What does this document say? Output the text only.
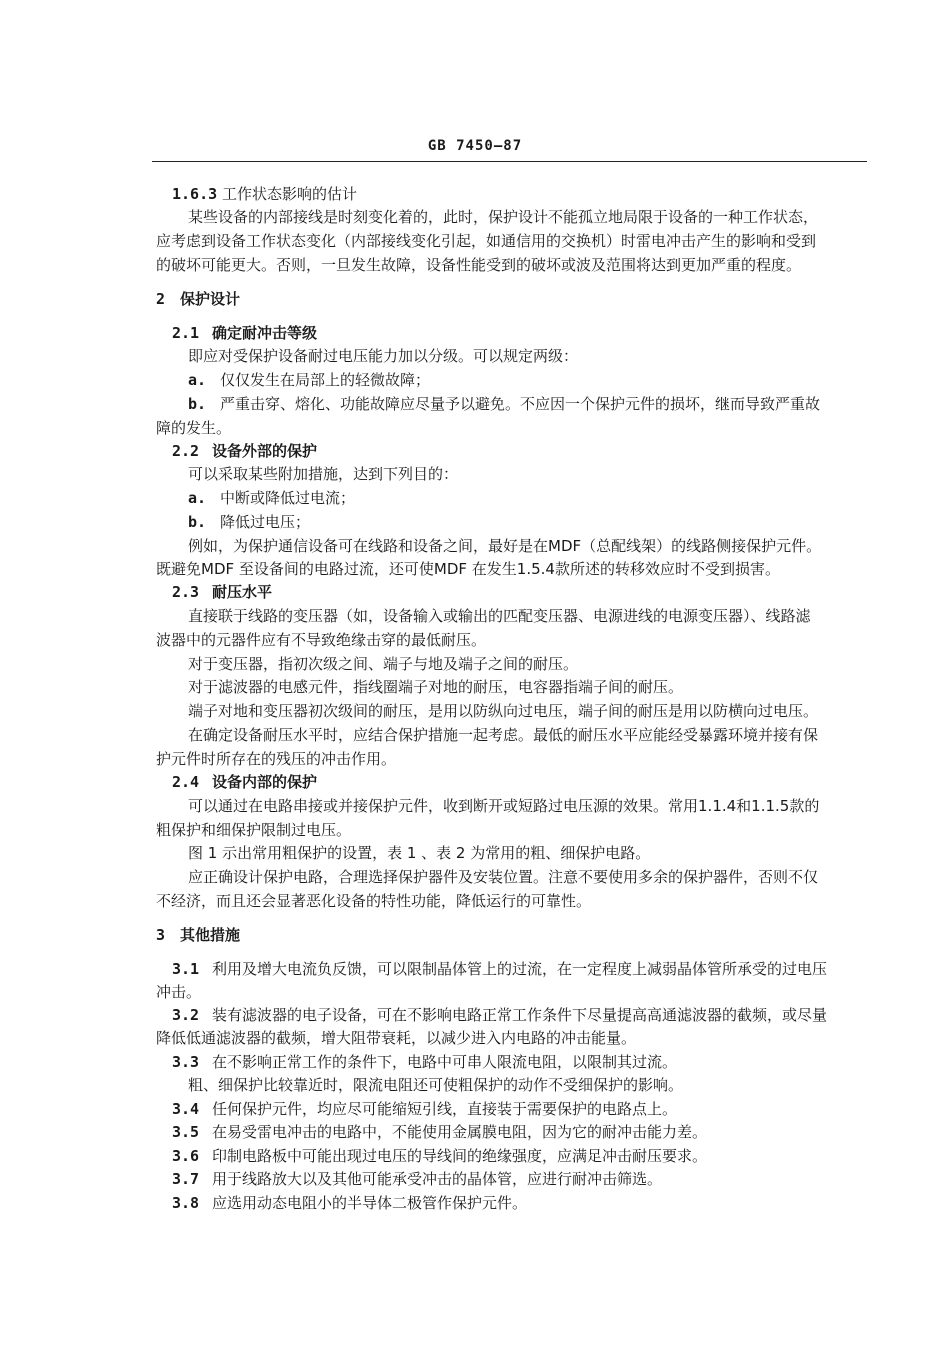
GB 7450—87
1.6.3 工作状态影响的估计
某些设备的内部接线是时刻变化着的，此时，保护设计不能孤立地局限于设备的一种工作状态，
应考虑到设备工作状态变化（内部接线变化引起，如通信用的交换机）时雷电冲击产生的影响和受到
的破坏可能更大。否则，一旦发生故障，设备性能受到的破坏或波及范围将达到更加严重的程度。
2 保护设计
2.1 确定耐冲击等级
即应对受保护设备耐过电压能力加以分级。可以规定两级：
a. 仅仅发生在局部上的轻微故障；
b. 严重击穿、熔化、功能故障应尽量予以避免。不应因一个保护元件的损坏，继而导致严重故
障的发生。
2.2 设备外部的保护
可以采取某些附加措施，达到下列目的：
a. 中断或降低过电流；
b. 降低过电压；
例如，为保护通信设备可在线路和设备之间，最好是在MDF（总配线架）的线路侧接保护元件。
既避免MDF 至设备间的电路过流，还可使MDF 在发生1.5.4款所述的转移效应时不受到损害。
2.3 耐压水平
直接联于线路的变压器（如，设备输入或输出的匹配变压器、电源进线的电源变压器）、线路滤
波器中的元器件应有不导致绝缘击穿的最低耐压。
对于变压器，指初次级之间、端子与地及端子之间的耐压。
对于滤波器的电感元件，指线圈端子对地的耐压，电容器指端子间的耐压。
端子对地和变压器初次级间的耐压，是用以防纵向过电压，端子间的耐压是用以防横向过电压。
在确定设备耐压水平时，应结合保护措施一起考虑。最低的耐压水平应能经受暴露环境并接有保
护元件时所存在的残压的冲击作用。
2.4 设备内部的保护
可以通过在电路串接或并接保护元件，收到断开或短路过电压源的效果。常用1.1.4和1.1.5款的
粗保护和细保护限制过电压。
图 1 示出常用粗保护的设置，表 1 、表 2 为常用的粗、细保护电路。
应正确设计保护电路，合理选择保护器件及安装位置。注意不要使用多余的保护器件，否则不仅
不经济，而且还会显著恶化设备的特性功能，降低运行的可靠性。
3 其他措施
3.1 利用及增大电流负反馈，可以限制晶体管上的过流，在一定程度上减弱晶体管所承受的过电压
冲击。
3.2 装有滤波器的电子设备，可在不影响电路正常工作条件下尽量提高高通滤波器的截频，或尽量
降低低通滤波器的截频，增大阻带衰耗，以减少进入内电路的冲击能量。
3.3 在不影响正常工作的条件下，电路中可串人限流电阻，以限制其过流。
粗、细保护比较靠近时，限流电阻还可使粗保护的动作不受细保护的影响。
3.4 任何保护元件，均应尽可能缩短引线，直接装于需要保护的电路点上。
3.5 在易受雷电冲击的电路中，不能使用金属膜电阻，因为它的耐冲击能力差。
3.6 印制电路板中可能出现过电压的导线间的绝缘强度，应满足冲击耐压要求。
3.7 用于线路放大以及其他可能承受冲击的晶体管，应进行耐冲击筛选。
3.8 应选用动态电阻小的半导体二极管作保护元件。
